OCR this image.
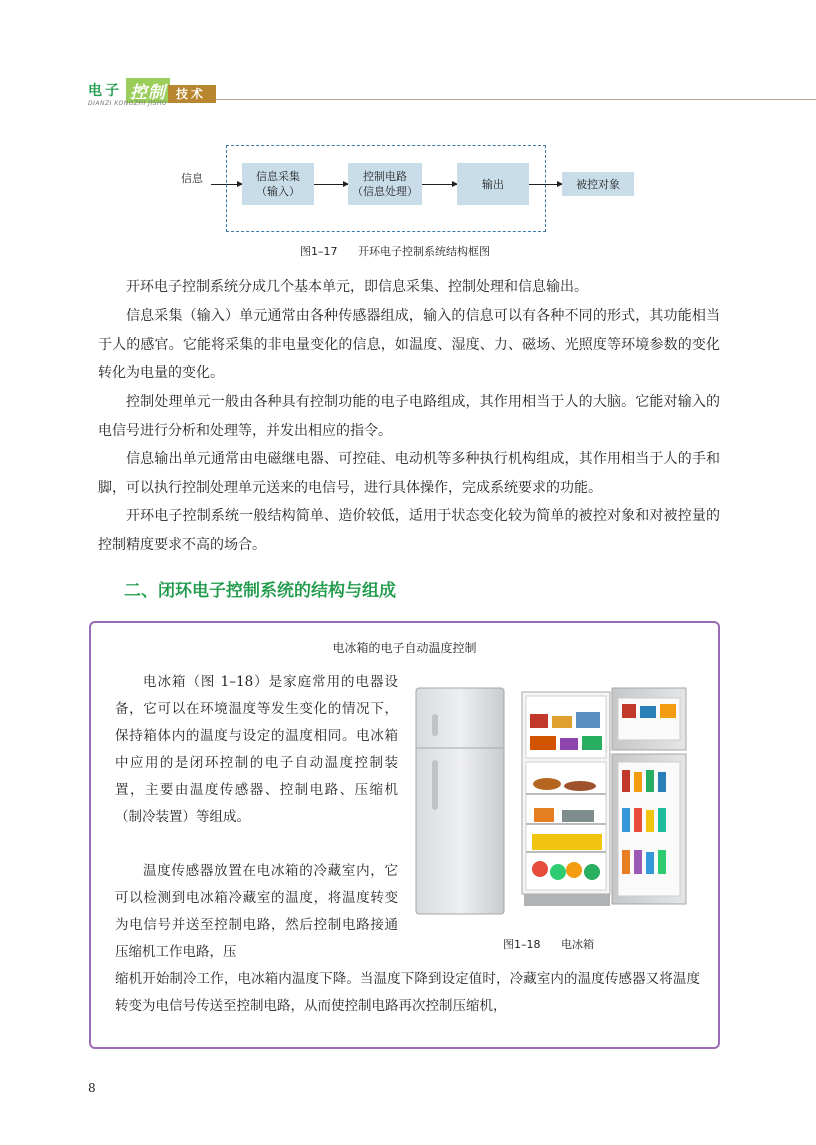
电子 控制 技术
DIANZI KONGZHI JISHU
信息	信息采集
（输入）
控制电路
（信息处理）
输出	被控对象
图1–17 开环电子控制系统结构框图

开环电子控制系统分成几个基本单元，即信息采集、控制处理和信息输出。

信息采集（输入）单元通常由各种传感器组成，输入的信息可以有各种不同的形式，其功能相当于人的感官。它能将采集的非电量变化的信息，如温度、湿度、力、磁场、光照度等环境参数的变化转化为电量的变化。

控制处理单元一般由各种具有控制功能的电子电路组成，其作用相当于人的大脑。它能对输入的电信号进行分析和处理等，并发出相应的指令。

信息输出单元通常由电磁继电器、可控硅、电动机等多种执行机构组成，其作用相当于人的手和脚，可以执行控制处理单元送来的电信号，进行具体操作，完成系统要求的功能。

开环电子控制系统一般结构简单、造价较低，适用于状态变化较为简单的被控对象和对被控量的控制精度要求不高的场合。

二、闭环电子控制系统的结构与组成
电冰箱的电子自动温度控制

电冰箱（图 1–18）是家庭常用的电器设备，它可以在环境温度等发生变化的情况下，保持箱体内的温度与设定的温度相同。电冰箱中应用的是闭环控制的电子自动温度控制装置，主要由温度传感器、控制电路、压缩机（制冷装置）等组成。

温度传感器放置在电冰箱的冷藏室内，它可以检测到电冰箱冷藏室的温度，将温度转变为电信号并送至控制电路，然后控制电路接通压缩机工作电路，压

缩机开始制冷工作，电冰箱内温度下降。当温度下降到设定值时，冷藏室内的温度传感器又将温度转变为电信号传送至控制电路，从而使控制电路再次控制压缩机，

图1–18 电冰箱
8
